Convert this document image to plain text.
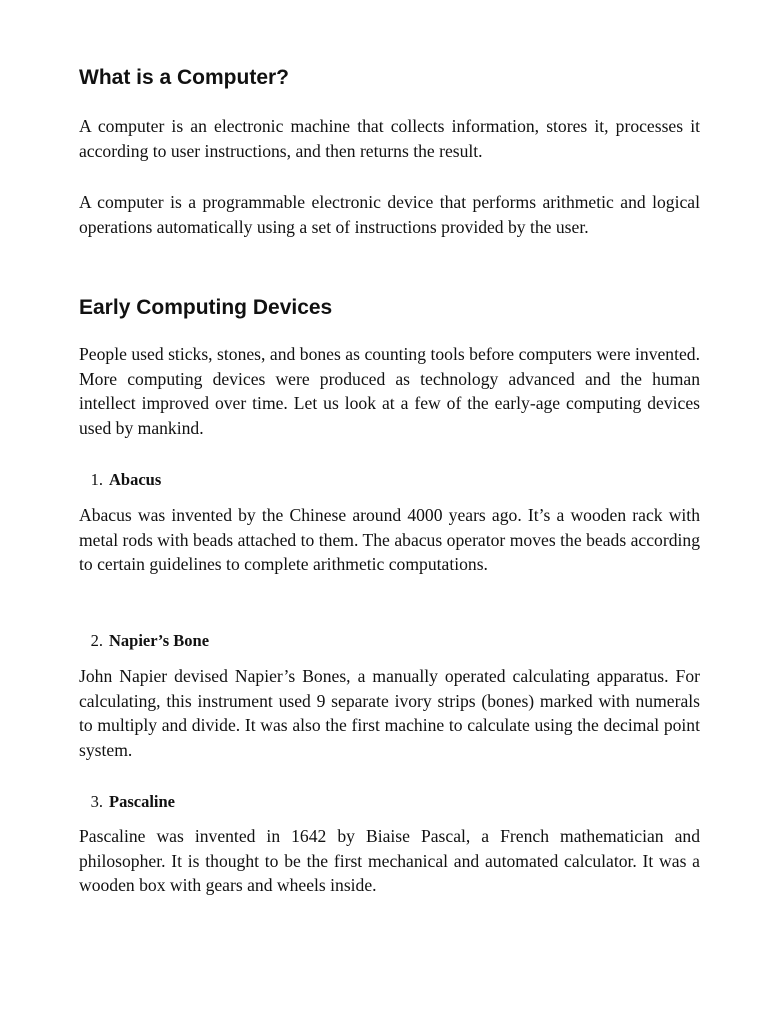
What is a Computer?

A computer is an electronic machine that collects information, stores it, processes it according to user instructions, and then returns the result.

A computer is a programmable electronic device that performs arithmetic and logical operations automatically using a set of instructions provided by the user.

Early Computing Devices

People used sticks, stones, and bones as counting tools before computers were invented. More computing devices were produced as technology advanced and the human intellect improved over time. Let us look at a few of the early-age computing devices used by mankind.

1. Abacus

Abacus was invented by the Chinese around 4000 years ago. It’s a wooden rack with metal rods with beads attached to them. The abacus operator moves the beads according to certain guidelines to complete arithmetic computations.

2. Napier’s Bone

John Napier devised Napier’s Bones, a manually operated calculating apparatus. For calculating, this instrument used 9 separate ivory strips (bones) marked with numerals to multiply and divide. It was also the first machine to calculate using the decimal point system.

3. Pascaline

Pascaline was invented in 1642 by Biaise Pascal, a French mathematician and philosopher. It is thought to be the first mechanical and automated calculator. It was a wooden box with gears and wheels inside.
